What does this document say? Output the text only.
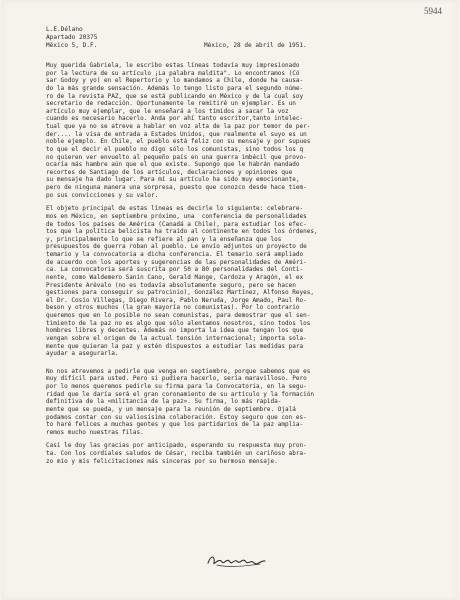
5944
L.E.Délano
Apartado 20375
México 5, D.F.	México, 28 de abril de 1951.
Muy querida Gabriela, le escribo estas líneas todavía muy impresionado
por la lectura de su artículo ¡La palabra maldita". Lo encontramos (Có
sar Godoy y yo) en el Repertorio y lo mandamos a Chile, donde ha causa-
do la más grande sensación. Además lo tengo listo para el segundo núme-
ro de la revista PAZ, que se está publicando en México y de la cual soy
secretario de redacción. Oportunamente le remitiré un ejemplar. Es un
artículo muy ejemplar, que le enseñará a los tímidos a sacar la voz
cuando es necesario hacerlo. Anda por ahí tanto escritor,tanto intelec-
tual que ya no se atreve a hablar en voz alta de la paz por temor de per-
der.... la visa de entrada a Estados Unidos, que realmente el suyo es un
noble ejemplo. En Chile, el pueblo está feliz con su mensaje y por supues
to que el decir el pueblo no digo sólo los comunistas, sino todos los q
no quieren ver envuelto al pequeño país en una guerra imbécil que provo-
ocaría más hambre aún que el que existe. Supongo que le habrán mandado
recortes de Santiago de los artículos, declaraciones y opiniones que
su mensaje ha dado lugar. Para mí su artículo ha sido muy emocionante,
pero de ninguna manera una sorpresa, puesto que conozco desde hace tiem-
po sus convicciones y su valor.
El objeto principal de estas líneas es decirle lo siguiente: celebrare-
mos en México, en septiembre próximo, una  conferencia de personalidades
de todos los países de América (Canadá a Chile), para estudiar los efec-
tos que la política belicista ha traído al continente en todos los órdenes,
y, principalmente lo que se refiere al pan y la enseñanza que los
presupuestos de guerra roban al pueblo. Le envío adjuntos un proyecto de
temario y la convocatoria a dicha conferencia. El temario será ampliado
de acuerdo con los aportes y sugerencias de las personalidades de Améri-
ca. La convocatoria será suscrita por 50 a 80 personalidades del Conti-
nente, como Waldemero Sanin Cano, Gerald Mange, Cardoza y Aragón, el ex
Presidente Arévalo (no es todavía absolutamente seguro, pero se hacen
gestiones para conseguir su patrocinio), González Martínez, Alfonso Reyes,
el Dr. Cosío Villegas, Diego Rivera, Pablo Neruda, Jorge Amado, Paul Ro-
beson y otros muchos (la gran mayoría no comunistas). Por lo contrario
queremos que en lo posible no sean comunistas, para demostrar que el sen-
timiento de la paz no es algo que sólo alentamos nosotros, sino todos los
hombres libres y decentes. Además no importa la idea que tengan los que
vengan sobre el origen de la actual tensión internacional; importa sola-
mente que quieran la paz y estén dispuestos a estudiar las medidas para
ayudar a asegurarla.
No nos atrevemos a pedirle que venga en septiembre, porque sabemos que es
muy difícil para usted. Pero si pudiera hacerlo, sería maravilloso. Pero
por lo menos queremos pedirle su firma para la Convocatoria, en la segu-
ridad que le daría será el gran coronamiento de su artículo y la formación
definitiva de la «militancia de la paz». Su firma, lo más rapida-
mente que se pueda, y un mensaje para la reunión de septiembre. Ojalá
podamos contar con su valiosísima colaboración. Estoy seguro que con es-
to haré felices a muchas gentes y que los partidarios de la paz amplia-
remos mucho nuestras filas.
Casi le doy las gracias por anticipado, esperando su respuesta muy pron-
ta. Con los cordiales saludos de César, reciba también un cariñoso abra-
zo mío y mis felicitaciones más sinceras por su hermoso mensaje.
